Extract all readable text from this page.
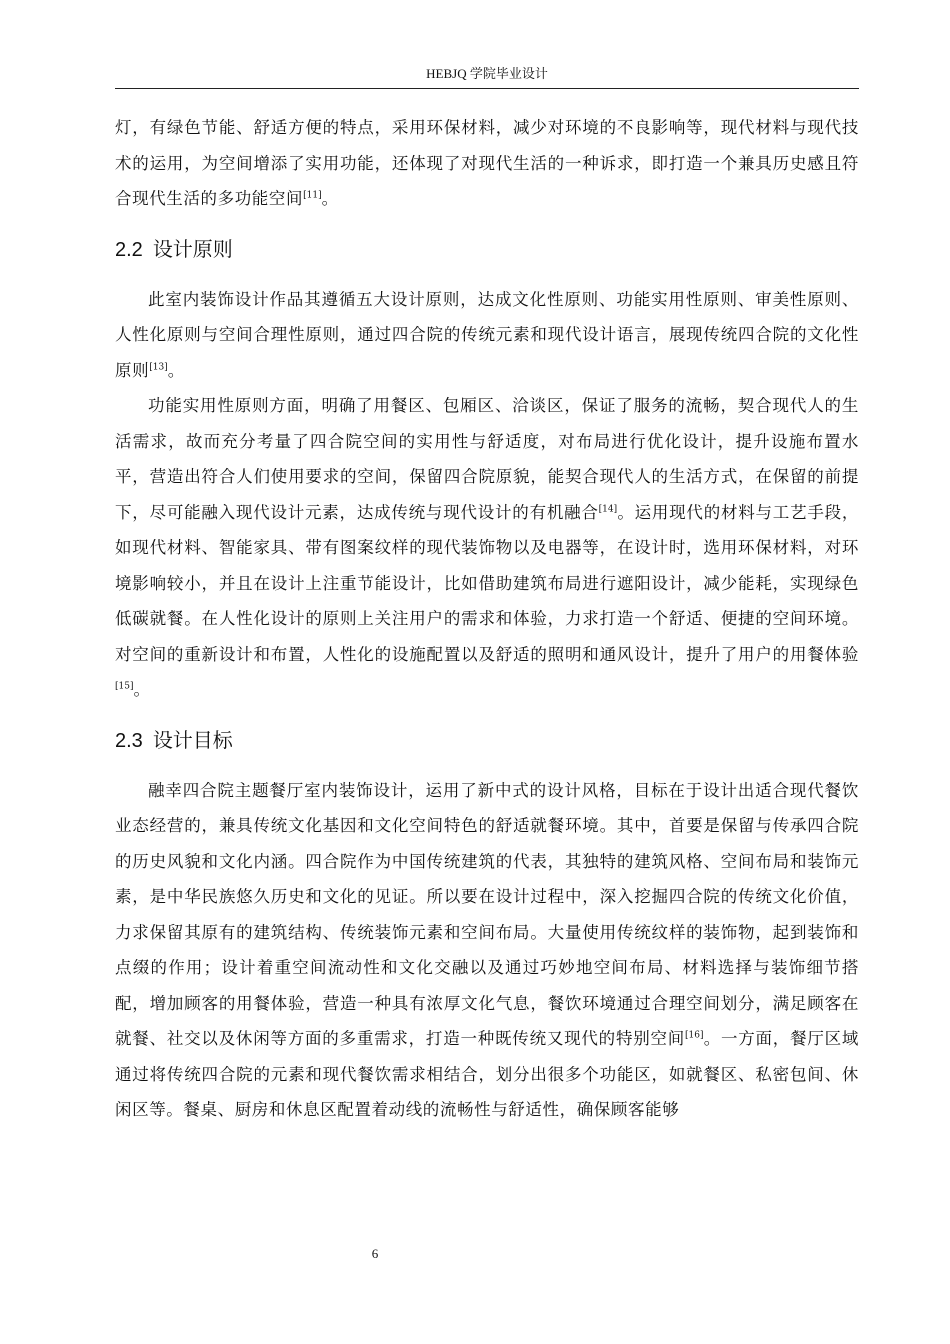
HEBJQ 学院毕业设计

灯，有绿色节能、舒适方便的特点，采用环保材料，减少对环境的不良影响等，现代材料与现代技术的运用，为空间增添了实用功能，还体现了对现代生活的一种诉求，即打造一个兼具历史感且符合现代生活的多功能空间[11]。

2.2 设计原则

此室内装饰设计作品其遵循五大设计原则，达成文化性原则、功能实用性原则、审美性原则、人性化原则与空间合理性原则，通过四合院的传统元素和现代设计语言，展现传统四合院的文化性原则[13]。

功能实用性原则方面，明确了用餐区、包厢区、洽谈区，保证了服务的流畅，契合现代人的生活需求，故而充分考量了四合院空间的实用性与舒适度，对布局进行优化设计，提升设施布置水平，营造出符合人们使用要求的空间，保留四合院原貌，能契合现代人的生活方式，在保留的前提下，尽可能融入现代设计元素，达成传统与现代设计的有机融合[14]。运用现代的材料与工艺手段，如现代材料、智能家具、带有图案纹样的现代装饰物以及电器等，在设计时，选用环保材料，对环境影响较小，并且在设计上注重节能设计，比如借助建筑布局进行遮阳设计，减少能耗，实现绿色低碳就餐。在人性化设计的原则上关注用户的需求和体验，力求打造一个舒适、便捷的空间环境。对空间的重新设计和布置，人性化的设施配置以及舒适的照明和通风设计，提升了用户的用餐体验[15]。

2.3 设计目标

融幸四合院主题餐厅室内装饰设计，运用了新中式的设计风格，目标在于设计出适合现代餐饮业态经营的，兼具传统文化基因和文化空间特色的舒适就餐环境。其中，首要是保留与传承四合院的历史风貌和文化内涵。四合院作为中国传统建筑的代表，其独特的建筑风格、空间布局和装饰元素，是中华民族悠久历史和文化的见证。所以要在设计过程中，深入挖掘四合院的传统文化价值，力求保留其原有的建筑结构、传统装饰元素和空间布局。大量使用传统纹样的装饰物，起到装饰和点缀的作用；设计着重空间流动性和文化交融以及通过巧妙地空间布局、材料选择与装饰细节搭配，增加顾客的用餐体验，营造一种具有浓厚文化气息，餐饮环境通过合理空间划分，满足顾客在就餐、社交以及休闲等方面的多重需求，打造一种既传统又现代的特别空间[16]。一方面，餐厅区域通过将传统四合院的元素和现代餐饮需求相结合，划分出很多个功能区，如就餐区、私密包间、休闲区等。餐桌、厨房和休息区配置着动线的流畅性与舒适性，确保顾客能够

6
